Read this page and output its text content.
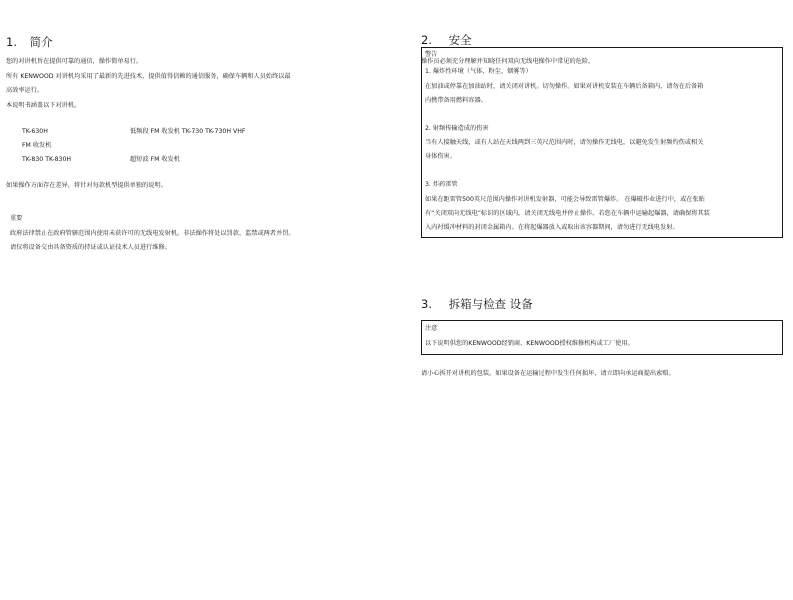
1. 简介
您的对讲机旨在提供可靠的通信，操作简单易行。
所有 KENWOOD 对讲机均采用了最新的先进技术，提供值得信赖的通信服务，确保车辆和人员始终以最
高效率运行。
本说明书涵盖以下对讲机。
TK-630H	低频段 FM 收发机 TK-730 TK-730H VHF
FM 收发机
TK-830 TK-830H	超短波 FM 收发机
如果操作方面存在差异，将针对每款机型提供单独的说明。
重要
政府法律禁止在政府管辖范围内使用未获许可的无线电发射机。非法操作将处以罚款、监禁或两者并罚。
请仅将设备交由具备资质的持证或认证技术人员进行维修。
2. 安全
警告
操作员必须充分理解并知晓任何双向无线电操作中常见的危险。
1. 爆炸性环境（气体、粉尘、烟雾等）
在加油或停靠在加油站时，请关闭对讲机。切勿操作。如果对讲机安装在车辆后备箱内，请勿在后备箱
内携带备用燃料容器。
2. 射频传输造成的伤害
当有人接触天线，或有人站在天线两到三英尺范围内时，请勿操作无线电，以避免发生射频灼伤或相关
身体伤害。
3. 炸药雷管
如果在距雷管500英尺范围内操作对讲机发射器，可能会导致雷管爆炸。 在爆破作业进行中，或在张贴
有“关闭双向无线电”标识的区域内，请关闭无线电并停止操作。若您在车辆中运输起爆器，请确保将其装
入内衬缓冲材料的封闭金属箱内。在将起爆器放入或取出该容器期间，请勿进行无线电发射。
3. 拆箱与检查 设备
注意
以下说明供您的KENWOOD经销商、KENWOOD授权维修机构或工厂使用。
请小心拆开对讲机的包装。如果设备在运输过程中发生任何损坏，请立即向承运商提出索赔。
